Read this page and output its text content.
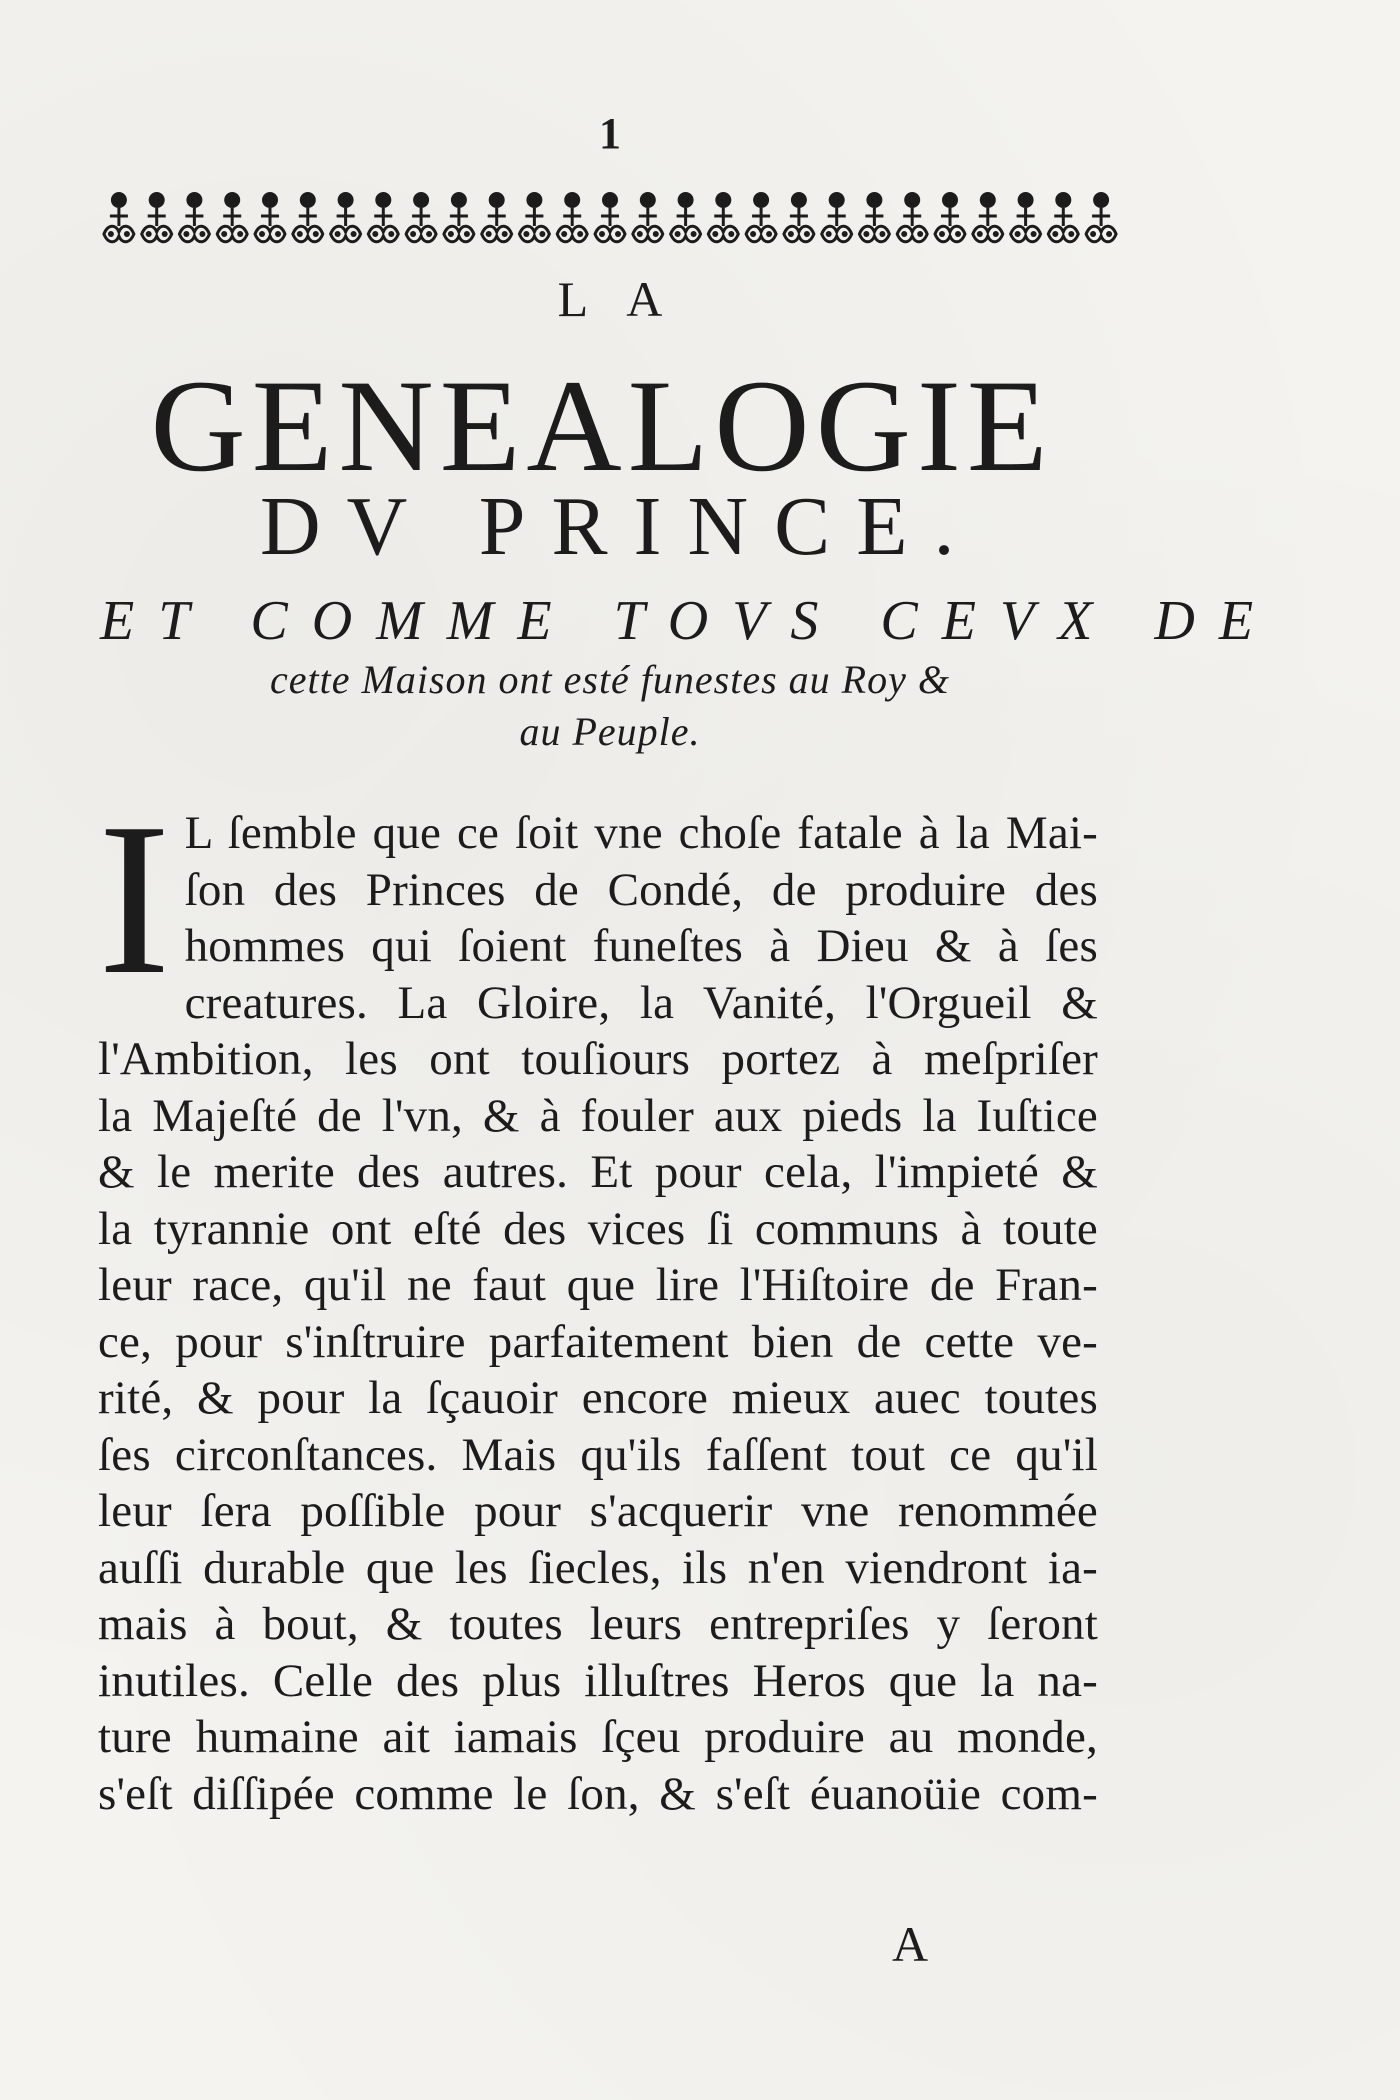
1
LA
GENEALOGIE
DV PRINCE.
ET COMME TOVS CEVX DE
cette Maison ont esté funestes au Roy &
au Peuple.
I L ſemble que ce ſoit vne choſe fatale à la Mai-
ſon des Princes de Condé, de produire des
hommes qui ſoient funeſtes à Dieu & à ſes
creatures. La Gloire, la Vanité, l'Orgueil &
l'Ambition, les ont touſiours portez à meſpriſer
la Majeſté de l'vn, & à fouler aux pieds la Iuſtice
& le merite des autres. Et pour cela, l'impieté &
la tyrannie ont eſté des vices ſi communs à toute
leur race, qu'il ne faut que lire l'Hiſtoire de Fran-
ce, pour s'inſtruire parfaitement bien de cette ve-
rité, & pour la ſçauoir encore mieux auec toutes
ſes circonſtances. Mais qu'ils faſſent tout ce qu'il
leur ſera poſſible pour s'acquerir vne renommée
auſſi durable que les ſiecles, ils n'en viendront ia-
mais à bout, & toutes leurs entrepriſes y ſeront
inutiles. Celle des plus illuſtres Heros que la na-
ture humaine ait iamais ſçeu produire au monde,
s'eſt diſſipée comme le ſon, & s'eſt éuanoüie com-
A
